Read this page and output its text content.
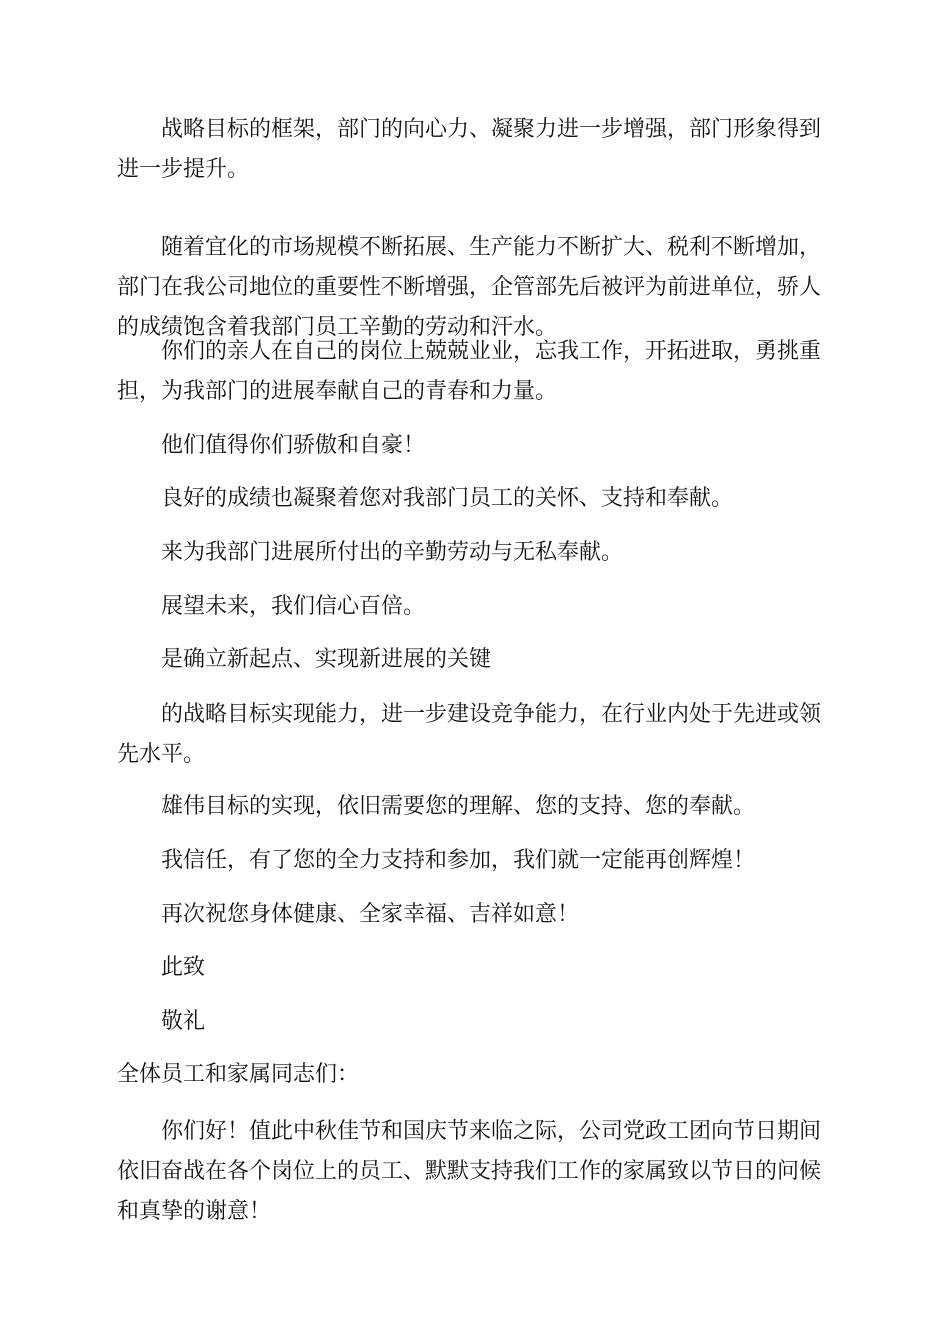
战略目标的框架，部门的向心力、凝聚力进一步增强，部门形象得到进一步提升。

随着宜化的市场规模不断拓展、生产能力不断扩大、税利不断增加，部门在我公司地位的重要性不断增强，企管部先后被评为前进单位，骄人的成绩饱含着我部门员工辛勤的劳动和汗水。

你们的亲人在自己的岗位上兢兢业业，忘我工作，开拓进取，勇挑重担，为我部门的进展奉献自己的青春和力量。

他们值得你们骄傲和自豪！

良好的成绩也凝聚着您对我部门员工的关怀、支持和奉献。

来为我部门进展所付出的辛勤劳动与无私奉献。

展望未来，我们信心百倍。

是确立新起点、实现新进展的关键

的战略目标实现能力，进一步建设竞争能力，在行业内处于先进或领先水平。

雄伟目标的实现，依旧需要您的理解、您的支持、您的奉献。

我信任，有了您的全力支持和参加，我们就一定能再创辉煌！

再次祝您身体健康、全家幸福、吉祥如意！

此致

敬礼

全体员工和家属同志们：

你们好！值此中秋佳节和国庆节来临之际，公司党政工团向节日期间依旧奋战在各个岗位上的员工、默默支持我们工作的家属致以节日的问候和真挚的谢意！
